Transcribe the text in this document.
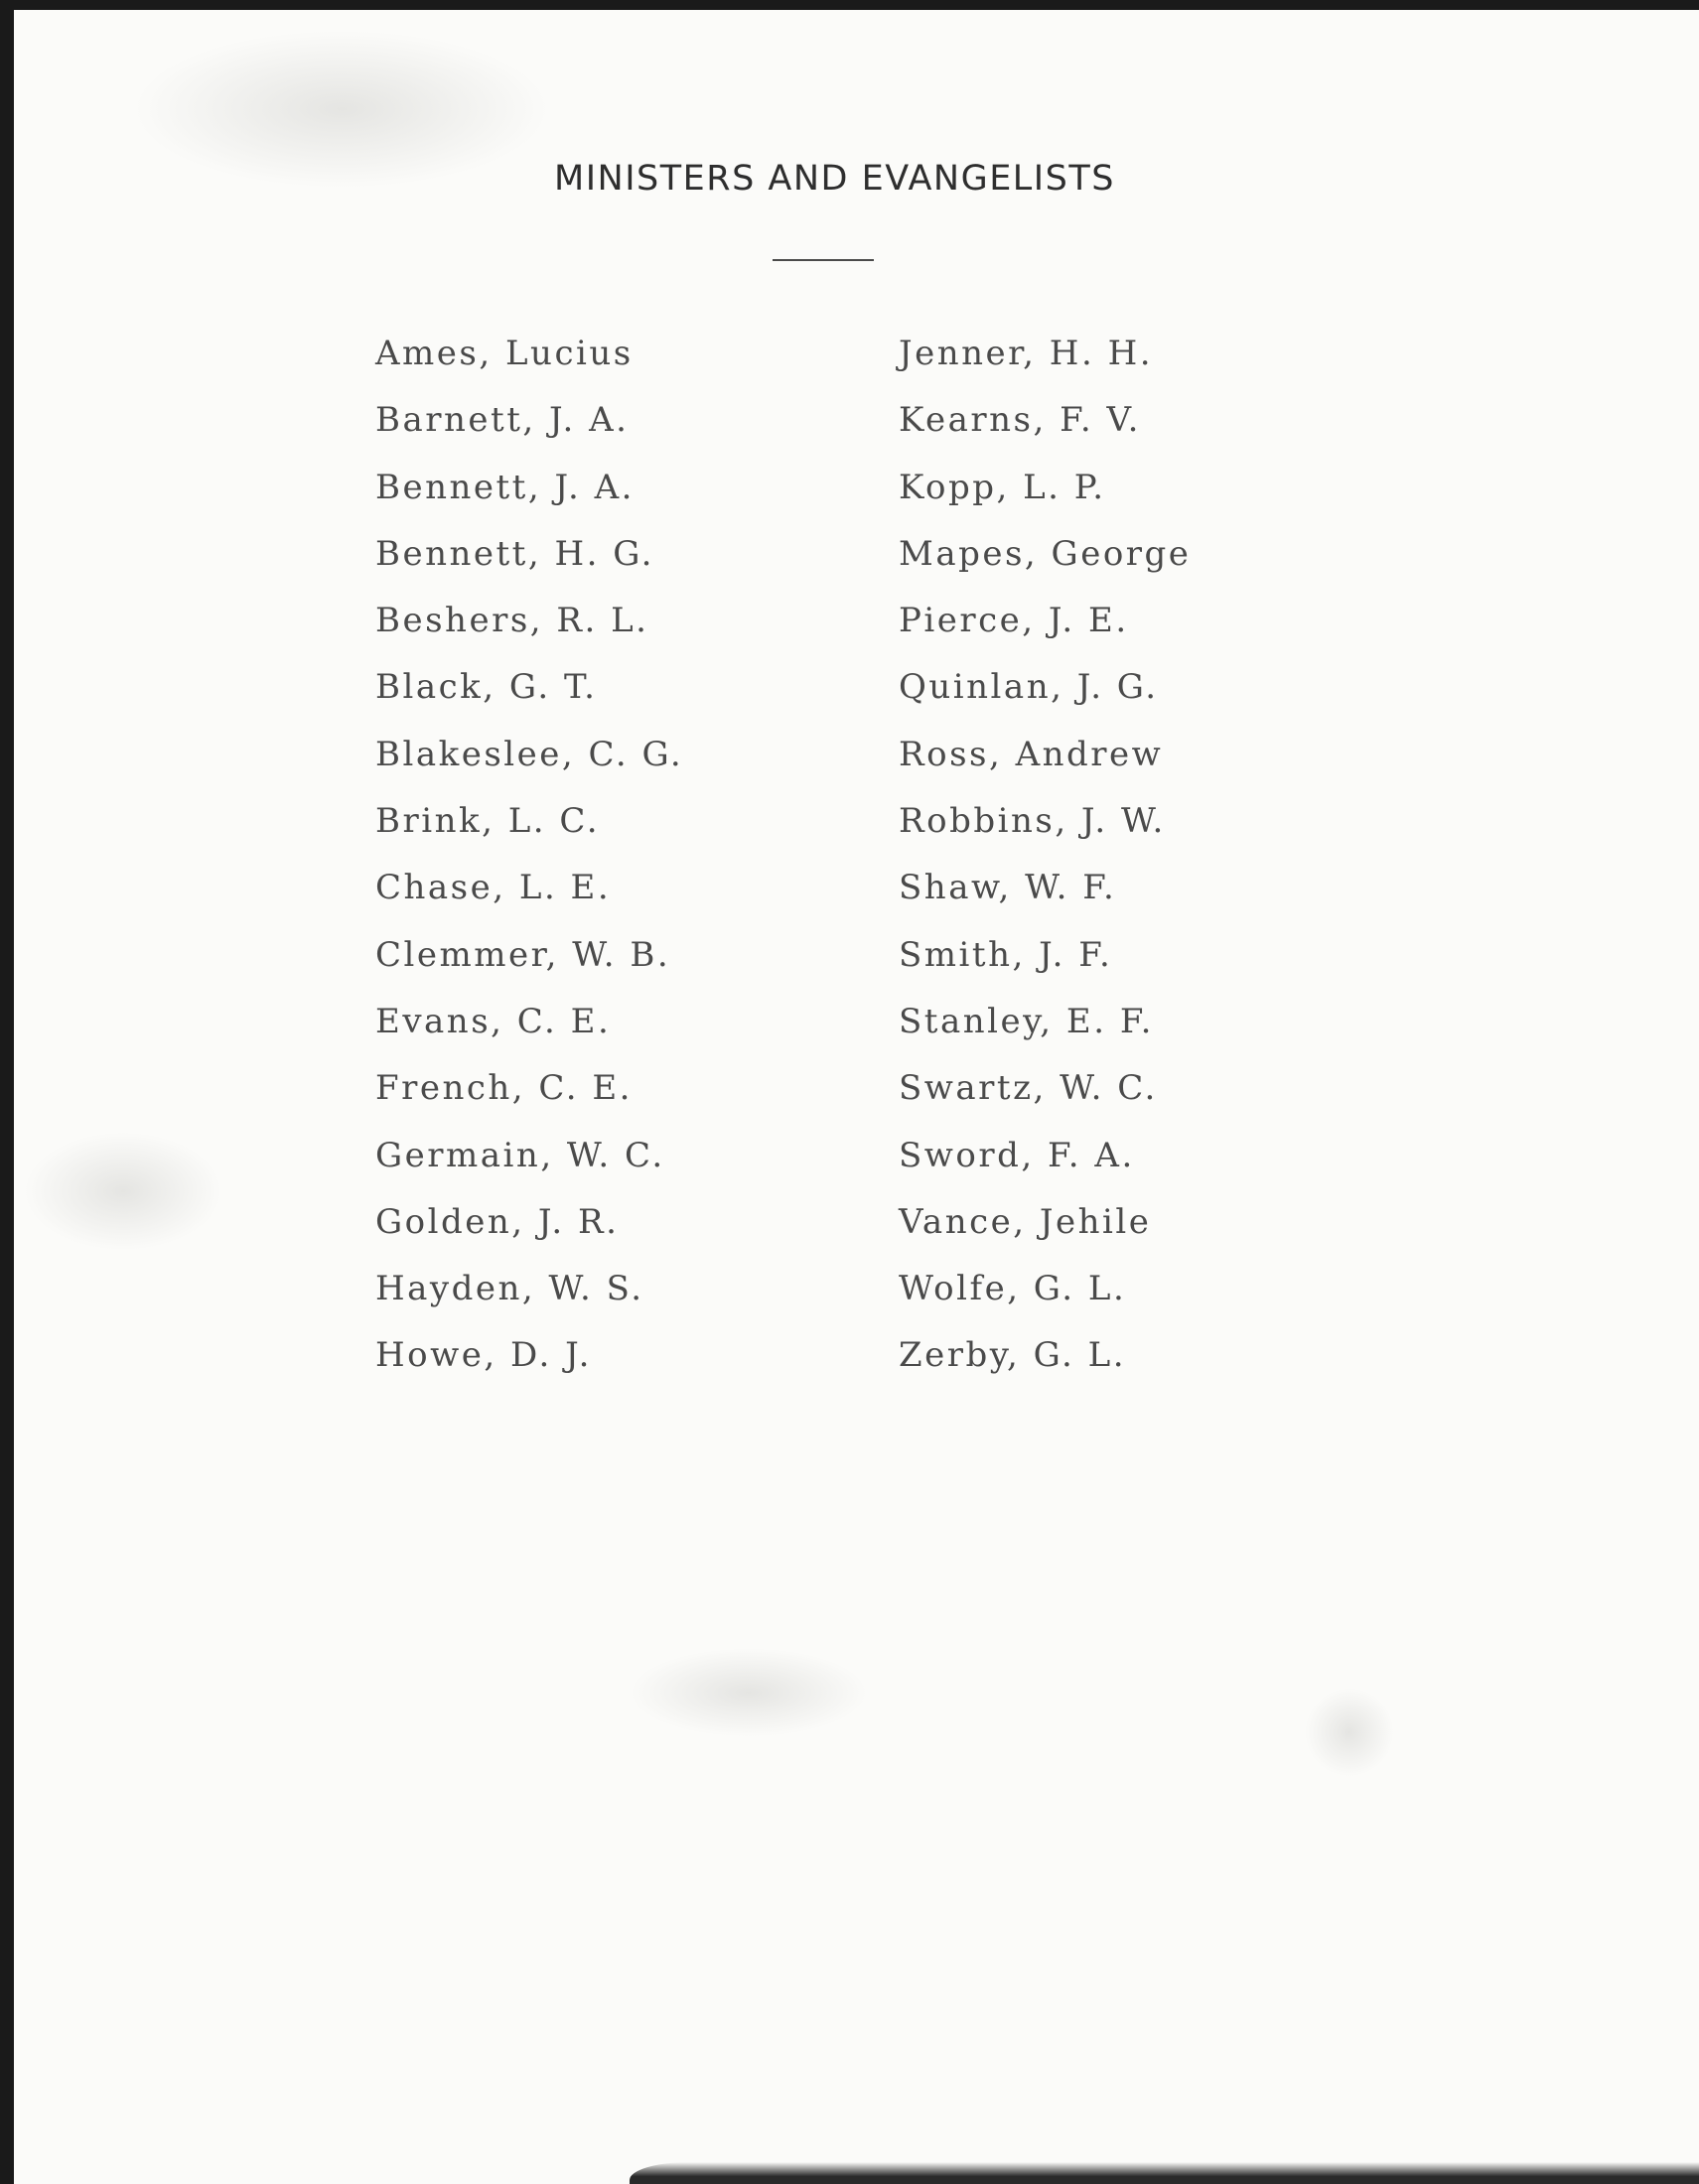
MINISTERS AND EVANGELISTS
Ames, Lucius
Barnett, J. A.
Bennett, J. A.
Bennett, H. G.
Beshers, R. L.
Black, G. T.
Blakeslee, C. G.
Brink, L. C.
Chase, L. E.
Clemmer, W. B.
Evans, C. E.
French, C. E.
Germain, W. C.
Golden, J. R.
Hayden, W. S.
Howe, D. J.
Jenner, H. H.
Kearns, F. V.
Kopp, L. P.
Mapes, George
Pierce, J. E.
Quinlan, J. G.
Ross, Andrew
Robbins, J. W.
Shaw, W. F.
Smith, J. F.
Stanley, E. F.
Swartz, W. C.
Sword, F. A.
Vance, Jehile
Wolfe, G. L.
Zerby, G. L.
